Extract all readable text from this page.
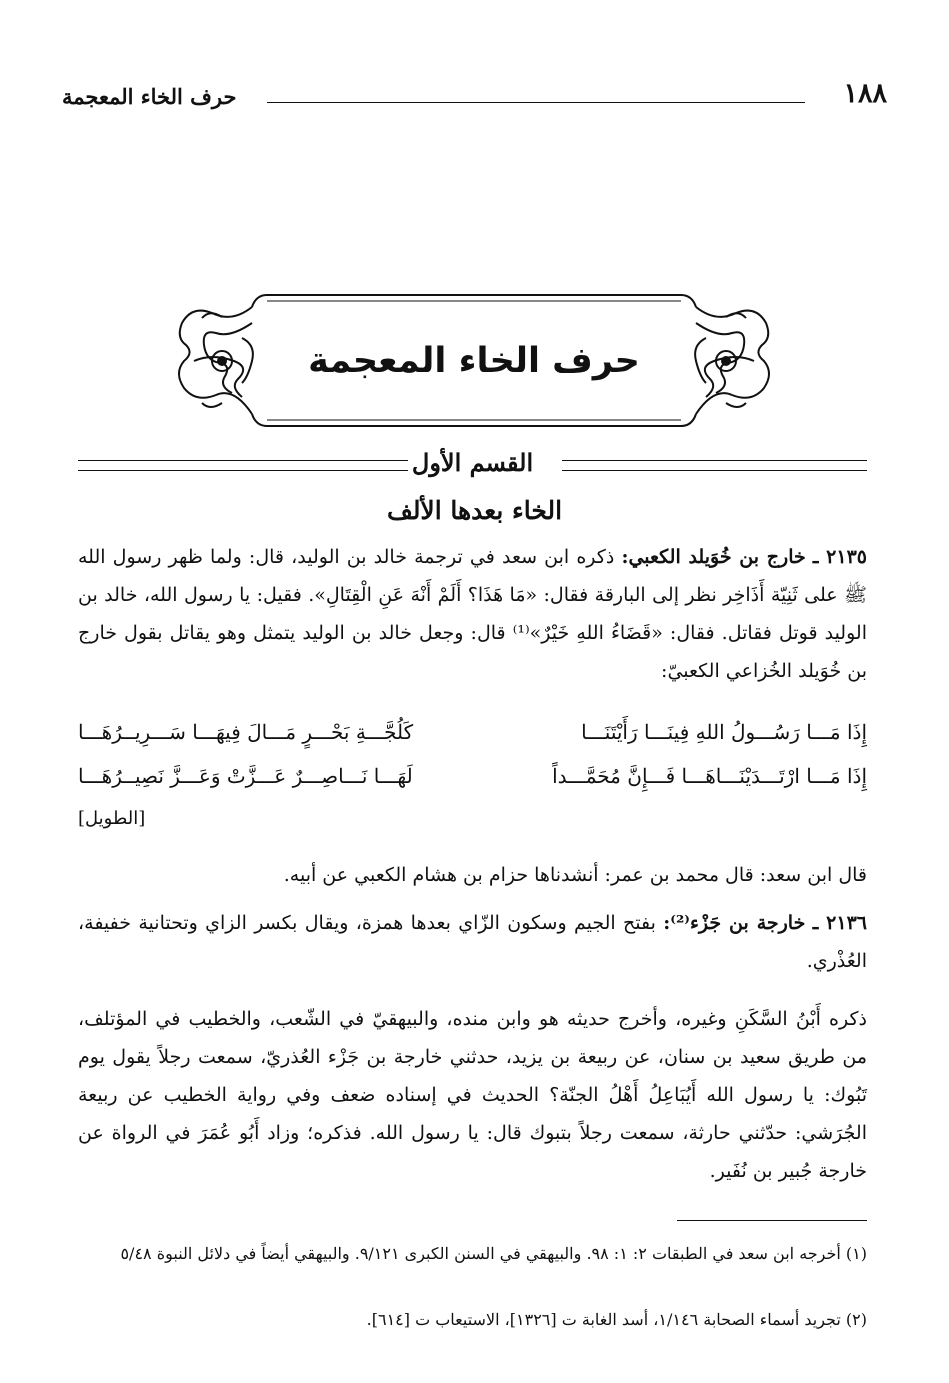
١٨٨
حرف الخاء المعجمة
حرف الخاء المعجمة
القسم الأول
الخاء بعدها الألف
٢١٣٥ ـ خارج بن خُوَيلد الكعبي: ذكره ابن سعد في ترجمة خالد بن الوليد، قال: ولما ظهر رسول الله ﷺ على ثَنِيّة أَذَاخِر نظر إلى البارقة فقال: «مَا هَذَا؟ أَلَمْ أَنْهَ عَنِ الْقِتَالِ». فقيل: يا رسول الله، خالد بن الوليد قوتل فقاتل. فقال: «قَضَاءُ اللهِ خَيْرٌ»⁽¹⁾ قال: وجعل خالد بن الوليد يتمثل وهو يقاتل بقول خارج بن خُوَيلد الخُزاعي الكعبيّ:
إِذَا مَـــا رَسُـــولُ اللهِ فِينَـــا رَأَيْتَنَـــا
كَلُجَّـــةِ بَحْـــرٍ مَـــالَ فِيهَـــا سَـــرِيــرُهَـــا
إِذَا مَـــا ارْتَـــدَيْنَـــاهَـــا فَـــإِنَّ مُحَمَّـــداً
لَهَـــا نَـــاصِـــرٌ عَـــزَّتْ وَعَـــزَّ نَصِيــرُهَـــا
[الطويل]
قال ابن سعد: قال محمد بن عمر: أنشدناها حزام بن هشام الكعبي عن أبيه.
٢١٣٦ ـ خارجة بن جَزْء⁽²⁾: بفتح الجيم وسكون الزّاي بعدها همزة، ويقال بكسر الزاي وتحتانية خفيفة، العُذْري.
ذكره أَبْنُ السَّكَنِ وغيره، وأخرج حديثه هو وابن منده، والبيهقيّ في الشّعب، والخطيب في المؤتلف، من طريق سعيد بن سنان، عن ربيعة بن يزيد، حدثني خارجة بن جَزْء العُذريّ، سمعت رجلاً يقول يوم تَبُوك: يا رسول الله أَيُبَاعِلُ أَهْلُ الجنّة؟ الحديث في إسناده ضعف وفي رواية الخطيب عن ربيعة الجُرَشي: حدّثني حارثة، سمعت رجلاً بتبوك قال: يا رسول الله. فذكره؛ وزاد أَبُو عُمَرَ في الرواة عن خارجة جُبير بن نُفَير.
(١) أخرجه ابن سعد في الطبقات ٢: ١: ٩٨. والبيهقي في السنن الكبرى ٩/١٢١. والبيهقي أيضاً في دلائل النبوة ٥/٤٨
(٢) تجريد أسماء الصحابة ١/١٤٦، أسد الغابة ت [١٣٢٦]، الاستيعاب ت [٦١٤].
